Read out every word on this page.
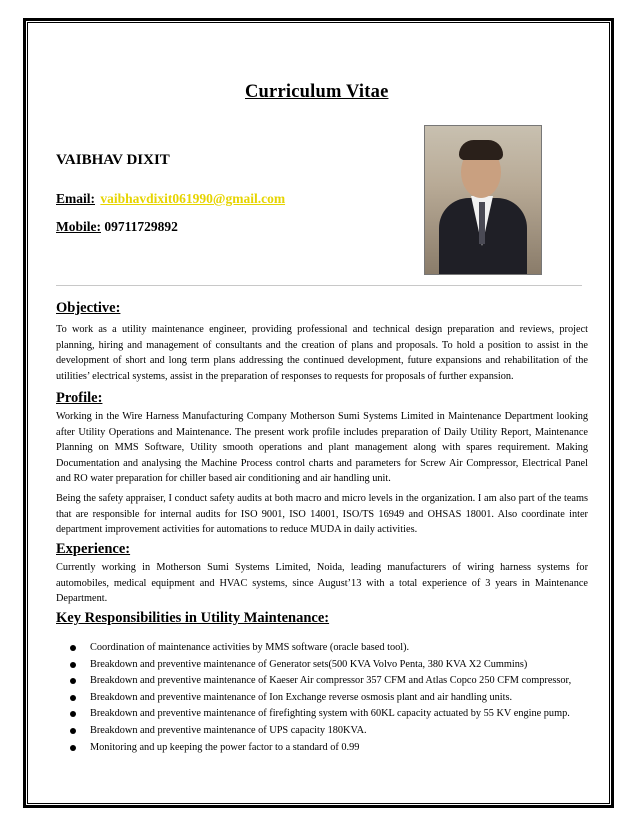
Curriculum Vitae
VAIBHAV DIXIT
Email: vaibhavdixit061990@gmail.com
Mobile: 09711729892
Objective:
To work as a utility maintenance engineer, providing professional and technical design preparation and reviews, project planning, hiring and management of consultants and the creation of plans and proposals. To hold a position to assist in the development of short and long term plans addressing the continued development, future expansions and rehabilitation of the utilities’ electrical systems, assist in the preparation of responses to requests for proposals of further expansion.
Profile:
Working in the Wire Harness Manufacturing Company Motherson Sumi Systems Limited in Maintenance Department looking after Utility Operations and Maintenance. The present work profile includes preparation of Daily Utility Report, Maintenance Planning on MMS Software, Utility smooth operations and plant management along with spares requirement. Making Documentation and analysing the Machine Process control charts and parameters for Screw Air Compressor, Electrical Panel and RO water preparation for chiller based air conditioning and air handling unit.
Being the safety appraiser, I conduct safety audits at both macro and micro levels in the organization. I am also part of the teams that are responsible for internal audits for ISO 9001, ISO 14001, ISO/TS 16949 and OHSAS 18001. Also coordinate inter department improvement activities for automations to reduce MUDA in daily activities.
Experience:
Currently working in Motherson Sumi Systems Limited, Noida, leading manufacturers of wiring harness systems for automobiles, medical equipment and HVAC systems, since August’13 with a total experience of 3 years in Maintenance Department.
Key Responsibilities in Utility Maintenance:
Coordination of maintenance activities by MMS software (oracle based tool).
Breakdown and preventive maintenance of Generator sets(500 KVA Volvo Penta, 380 KVA X2 Cummins)
Breakdown and preventive maintenance of Kaeser Air compressor 357 CFM and Atlas Copco 250 CFM compressor,
Breakdown and preventive maintenance of Ion Exchange reverse osmosis plant and air handling units.
Breakdown and preventive maintenance of firefighting system with 60KL capacity actuated by 55 KV engine pump.
Breakdown and preventive maintenance of UPS capacity 180KVA.
Monitoring and up keeping the power factor to a standard of 0.99
